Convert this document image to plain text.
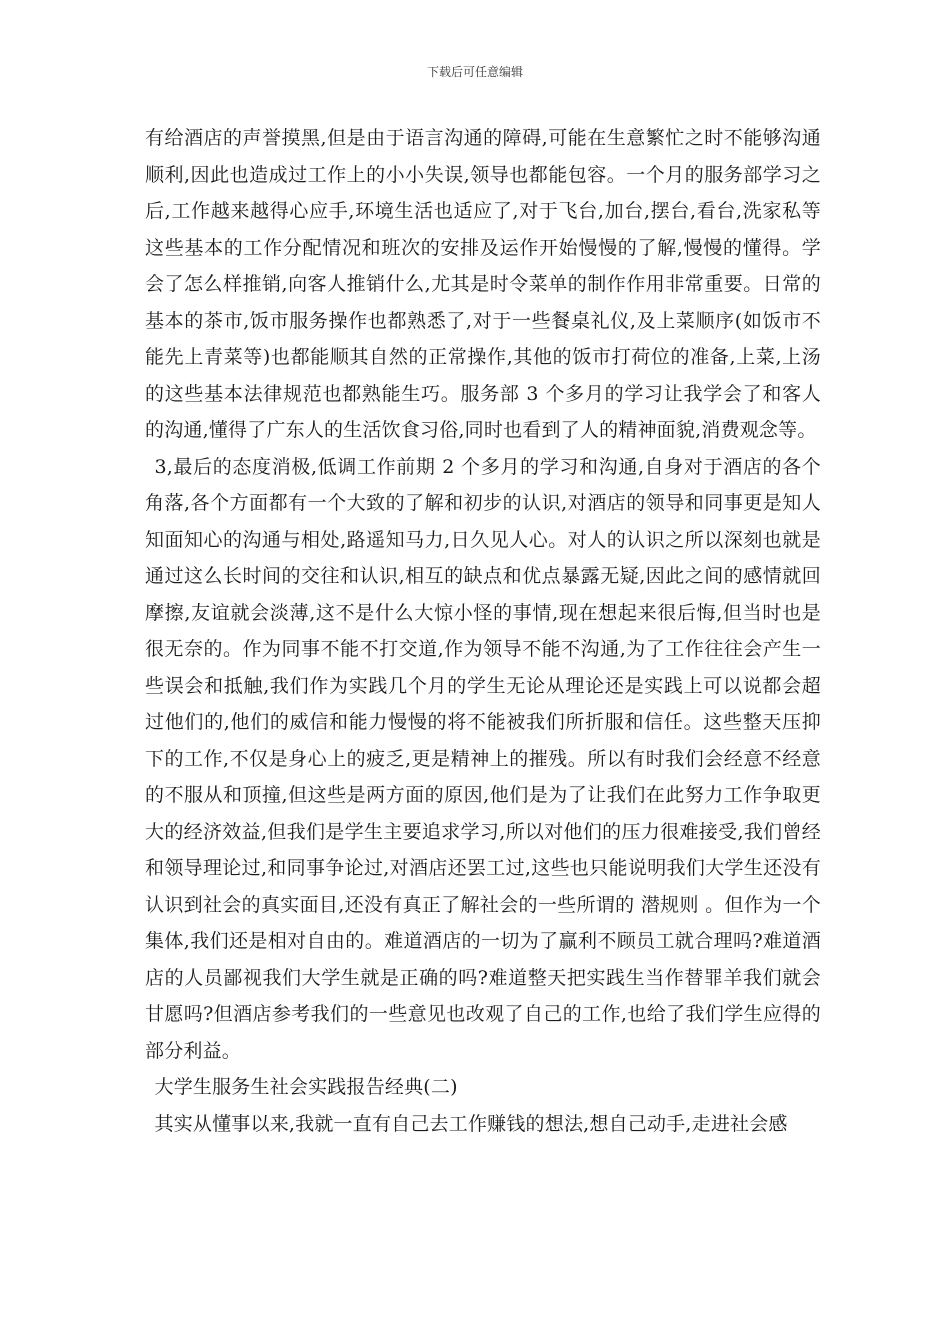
下载后可任意编辑

有给酒店的声誉摸黑,但是由于语言沟通的障碍,可能在生意繁忙之时不能够沟通顺利,因此也造成过工作上的小小失误,领导也都能包容。一个月的服务部学习之后,工作越来越得心应手,环境生活也适应了,对于飞台,加台,摆台,看台,洗家私等这些基本的工作分配情况和班次的安排及运作开始慢慢的了解,慢慢的懂得。学会了怎么样推销,向客人推销什么,尤其是时令菜单的制作作用非常重要。日常的基本的茶市,饭市服务操作也都熟悉了,对于一些餐桌礼仪,及上菜顺序(如饭市不能先上青菜等)也都能顺其自然的正常操作,其他的饭市打荷位的准备,上菜,上汤的这些基本法律规范也都熟能生巧。服务部 3 个多月的学习让我学会了和客人的沟通,懂得了广东人的生活饮食习俗,同时也看到了人的精神面貌,消费观念等。

3,最后的态度消极,低调工作前期 2 个多月的学习和沟通,自身对于酒店的各个角落,各个方面都有一个大致的了解和初步的认识,对酒店的领导和同事更是知人知面知心的沟通与相处,路遥知马力,日久见人心。对人的认识之所以深刻也就是通过这么长时间的交往和认识,相互的缺点和优点暴露无疑,因此之间的感情就回摩擦,友谊就会淡薄,这不是什么大惊小怪的事情,现在想起来很后悔,但当时也是很无奈的。作为同事不能不打交道,作为领导不能不沟通,为了工作往往会产生一些误会和抵触,我们作为实践几个月的学生无论从理论还是实践上可以说都会超过他们的,他们的威信和能力慢慢的将不能被我们所折服和信任。这些整天压抑下的工作,不仅是身心上的疲乏,更是精神上的摧残。所以有时我们会经意不经意的不服从和顶撞,但这些是两方面的原因,他们是为了让我们在此努力工作争取更大的经济效益,但我们是学生主要追求学习,所以对他们的压力很难接受,我们曾经和领导理论过,和同事争论过,对酒店还罢工过,这些也只能说明我们大学生还没有认识到社会的真实面目,还没有真正了解社会的一些所谓的 潜规则 。但作为一个集体,我们还是相对自由的。难道酒店的一切为了赢利不顾员工就合理吗?难道酒店的人员鄙视我们大学生就是正确的吗?难道整天把实践生当作替罪羊我们就会甘愿吗?但酒店参考我们的一些意见也改观了自己的工作,也给了我们学生应得的部分利益。

大学生服务生社会实践报告经典(二)

其实从懂事以来,我就一直有自己去工作赚钱的想法,想自己动手,走进社会感
